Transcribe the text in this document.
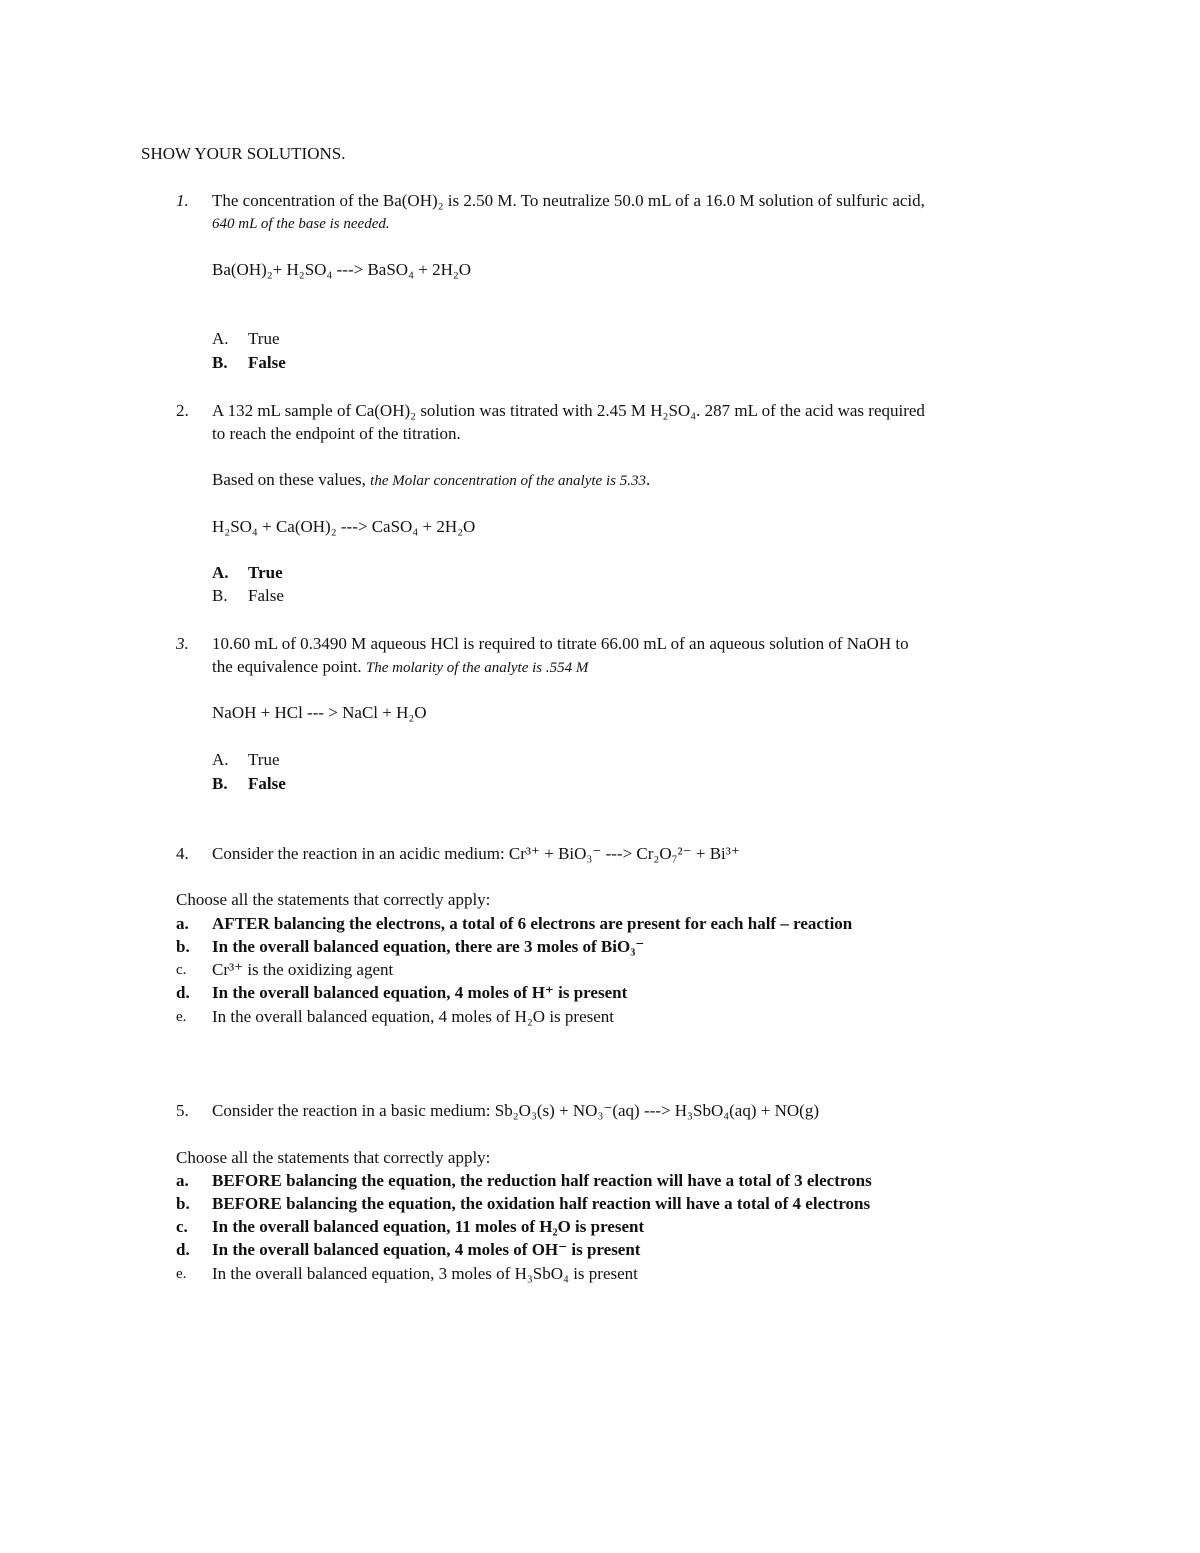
SHOW YOUR SOLUTIONS.
1. The concentration of the Ba(OH)₂ is 2.50 M. To neutralize 50.0 mL of a 16.0 M solution of sulfuric acid,
640 mL of the base is needed.
Ba(OH)₂+ H₂SO₄ ---> BaSO₄ + 2H₂O
A. True
B. False
2. A 132 mL sample of Ca(OH)₂ solution was titrated with 2.45 M H₂SO₄. 287 mL of the acid was required
to reach the endpoint of the titration.
Based on these values, the Molar concentration of the analyte is 5.33.
H₂SO₄ + Ca(OH)₂ ---> CaSO₄ + 2H₂O
A. True
B. False
3. 10.60 mL of 0.3490 M aqueous HCl is required to titrate 66.00 mL of an aqueous solution of NaOH to
the equivalence point. The molarity of the analyte is .554 M
NaOH + HCl --- > NaCl + H₂O
A. True
B. False
4. Consider the reaction in an acidic medium: Cr³⁺ + BiO₃⁻ ---> Cr₂O₇²⁻ + Bi³⁺
Choose all the statements that correctly apply:
a. AFTER balancing the electrons, a total of 6 electrons are present for each half – reaction
b. In the overall balanced equation, there are 3 moles of BiO₃⁻
c. Cr³⁺ is the oxidizing agent
d. In the overall balanced equation, 4 moles of H⁺ is present
e. In the overall balanced equation, 4 moles of H₂O is present
5. Consider the reaction in a basic medium: Sb₂O₃(s) + NO₃⁻(aq) ---> H₃SbO₄(aq) + NO(g)
Choose all the statements that correctly apply:
a. BEFORE balancing the equation, the reduction half reaction will have a total of 3 electrons
b. BEFORE balancing the equation, the oxidation half reaction will have a total of 4 electrons
c. In the overall balanced equation, 11 moles of H₂O is present
d. In the overall balanced equation, 4 moles of OH⁻ is present
e. In the overall balanced equation, 3 moles of H₃SbO₄ is present
